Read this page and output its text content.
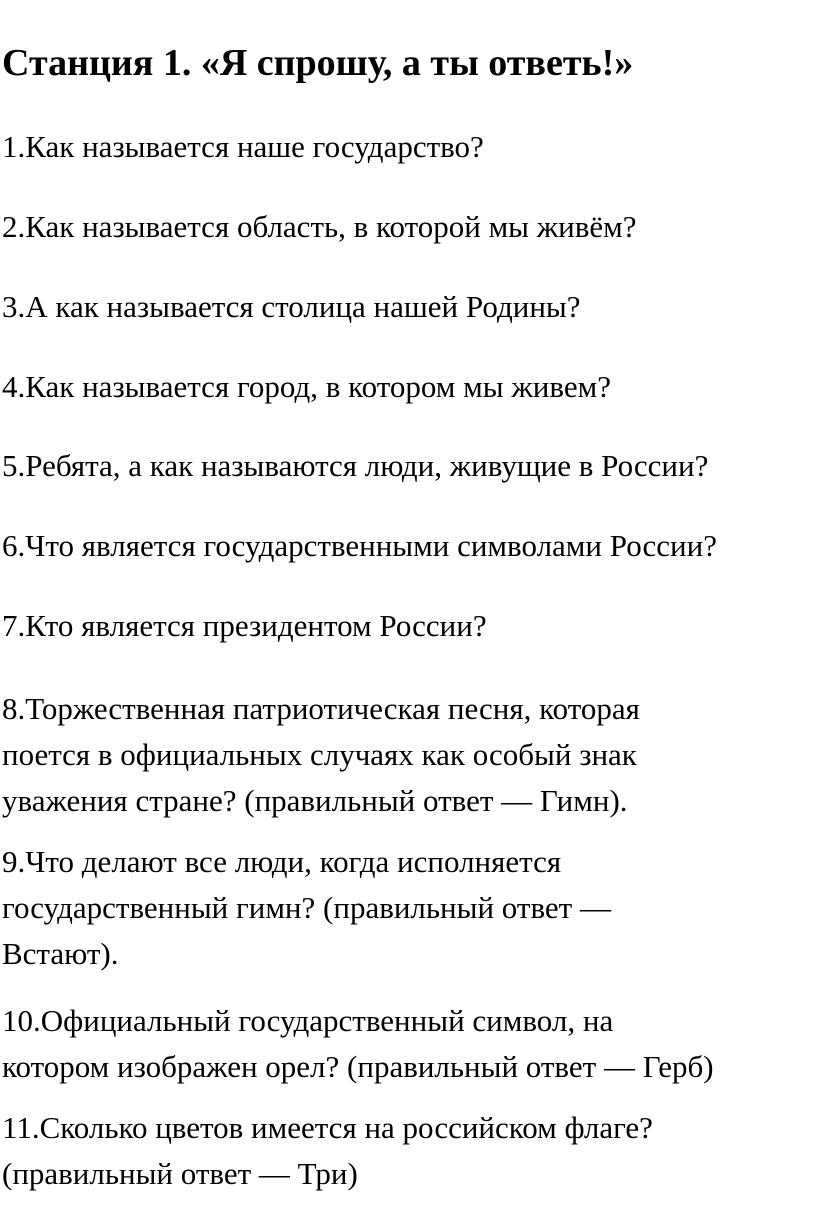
Станция 1. «Я спрошу, а ты ответь!»

1.Как называется наше государство?

2.Как называется область, в которой мы живём?

3.А как называется столица нашей Родины?

4.Как называется город, в котором мы живем?

5.Ребята, а как называются люди, живущие в России?

6.Что является государственными символами России?

7.Кто является президентом России?

8.Торжественная патриотическая песня, которая
поется в официальных случаях как особый знак
уважения стране? (правильный ответ — Гимн).

9.Что делают все люди, когда исполняется
государственный гимн? (правильный ответ —
Встают).

10.Официальный государственный символ, на
котором изображен орел? (правильный ответ — Герб)

11.Сколько цветов имеется на российском флаге?
(правильный ответ — Три)
